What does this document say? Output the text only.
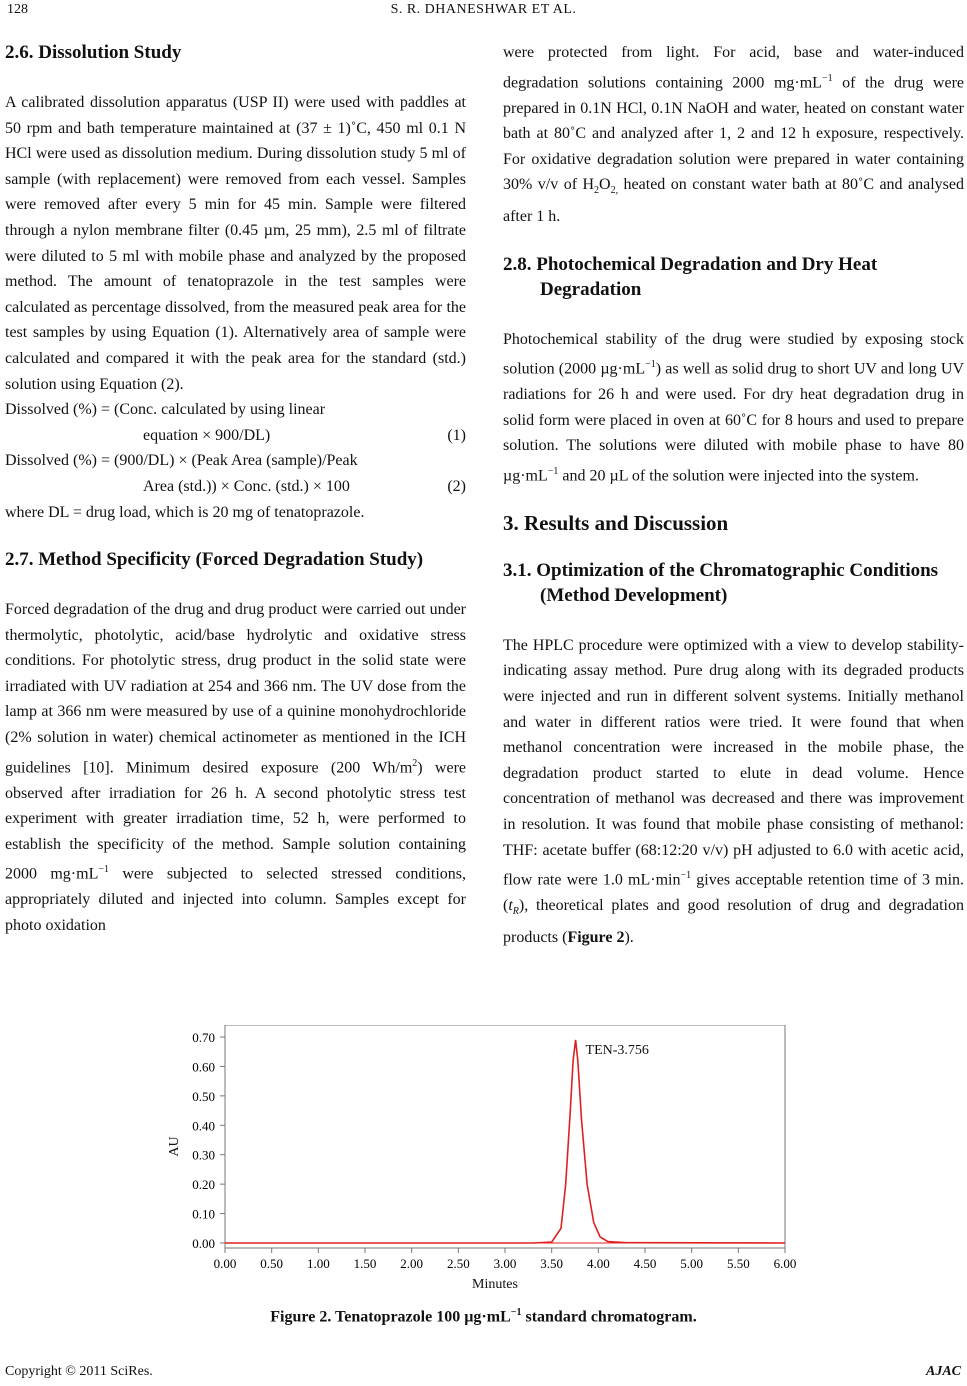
128	S. R. DHANESHWAR ET AL.
2.6. Dissolution Study

A calibrated dissolution apparatus (USP II) were used with paddles at 50 rpm and bath temperature maintained at (37 ± 1)˚C, 450 ml 0.1 N HCl were used as dissolution medium. During dissolution study 5 ml of sample (with replacement) were removed from each vessel. Samples were removed after every 5 min for 45 min. Sample were filtered through a nylon membrane filter (0.45 µm, 25 mm), 2.5 ml of filtrate were diluted to 5 ml with mobile phase and analyzed by the proposed method. The amount of tenatoprazole in the test samples were calculated as percentage dissolved, from the measured peak area for the test samples by using Equation (1). Alternatively area of sample were calculated and compared it with the peak area for the standard (std.) solution using Equation (2).

Dissolved (%) = (Conc. calculated by using linear
equation × 900/DL)	(1)
Dissolved (%) = (900/DL) × (Peak Area (sample)/Peak
Area (std.)) × Conc. (std.) × 100	(2)

where DL = drug load, which is 20 mg of tenatoprazole.

2.7. Method Specificity (Forced Degradation Study)

Forced degradation of the drug and drug product were carried out under thermolytic, photolytic, acid/base hydrolytic and oxidative stress conditions. For photolytic stress, drug product in the solid state were irradiated with UV radiation at 254 and 366 nm. The UV dose from the lamp at 366 nm were measured by use of a quinine monohydrochloride (2% solution in water) chemical actinometer as mentioned in the ICH guidelines [10]. Minimum desired exposure (200 $Wh/m^2$) were observed after irradiation for 26 h. A second photolytic stress test experiment with greater irradiation time, 52 h, were performed to establish the specificity of the method. Sample solution containing 2000 $mg\cdot mL^{-1}$ were subjected to selected stressed conditions, appropriately diluted and injected into column. Samples except for photo oxidation

were protected from light. For acid, base and water-induced degradation solutions containing 2000 $mg\cdot mL^{-1}$ of the drug were prepared in 0.1N HCl, 0.1N NaOH and water, heated on constant water bath at 80˚C and analyzed after 1, 2 and 12 h exposure, respectively. For oxidative degradation solution were prepared in water containing 30% v/v of $H_2O_{2,}$ heated on constant water bath at 80˚C and analysed after 1 h.

2.8. Photochemical Degradation and Dry Heat Degradation

Photochemical stability of the drug were studied by exposing stock solution (2000 $\mu g\cdot mL^{-1}$) as well as solid drug to short UV and long UV radiations for 26 h and were used. For dry heat degradation drug in solid form were placed in oven at 60˚C for 8 hours and used to prepare solution. The solutions were diluted with mobile phase to have 80 $\mu g\cdot mL^{-1}$ and 20 µL of the solution were injected into the system.

3. Results and Discussion
3.1. Optimization of the Chromatographic Conditions (Method Development)

The HPLC procedure were optimized with a view to develop stability-indicating assay method. Pure drug along with its degraded products were injected and run in different solvent systems. Initially methanol and water in different ratios were tried. It were found that when methanol concentration were increased in the mobile phase, the degradation product started to elute in dead volume. Hence concentration of methanol was decreased and there was improvement in resolution. It was found that mobile phase consisting of methanol: THF: acetate buffer (68:12:20 v/v) pH adjusted to 6.0 with acetic acid, flow rate were 1.0 $mL\cdot\min^{-1}$ gives acceptable retention time of 3 min. $(t_R)$, theoretical plates and good resolution of drug and degradation products (Figure 2).

0.00
0.10
0.20
0.30
0.40
0.50
0.60
0.70
0.00 0.50 1.00 1.50 2.00 2.50 3.00 3.50 4.00 4.50 5.00 5.50 6.00
TEN-3.756
AU
Minutes
Figure 2. Tenatoprazole 100 $\mu g\cdot mL^{-1}$ standard chromatogram.
Copyright © 2011 SciRes.	AJAC
